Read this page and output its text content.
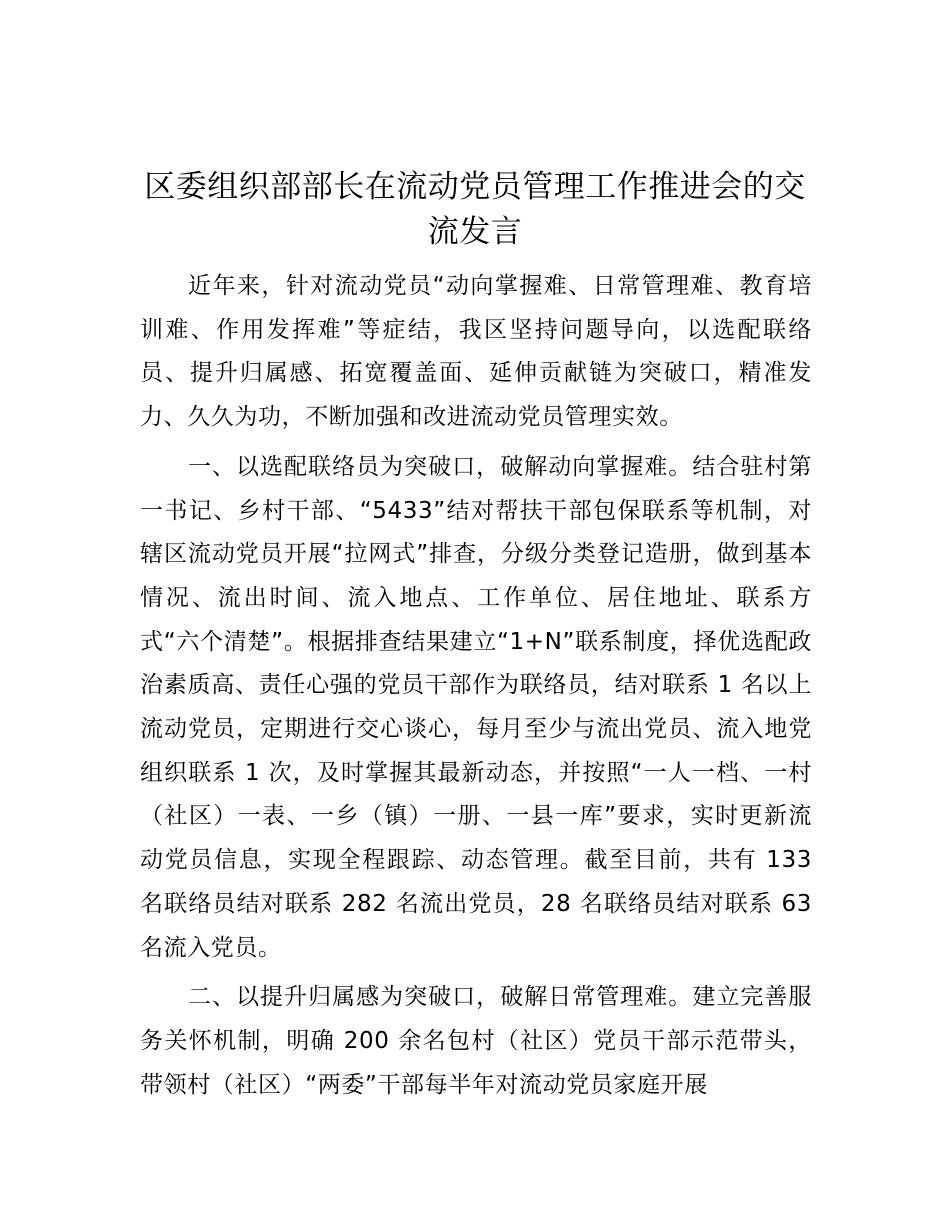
区委组织部部长在流动党员管理工作推进会的交流发言

近年来，针对流动党员“动向掌握难、日常管理难、教育培训难、作用发挥难”等症结，我区坚持问题导向，以选配联络员、提升归属感、拓宽覆盖面、延伸贡献链为突破口，精准发力、久久为功，不断加强和改进流动党员管理实效。

一、以选配联络员为突破口，破解动向掌握难。结合驻村第一书记、乡村干部、“5433”结对帮扶干部包保联系等机制，对辖区流动党员开展“拉网式”排查，分级分类登记造册，做到基本情况、流出时间、流入地点、工作单位、居住地址、联系方式“六个清楚”。根据排查结果建立“1+N”联系制度，择优选配政治素质高、责任心强的党员干部作为联络员，结对联系 1 名以上流动党员，定期进行交心谈心，每月至少与流出党员、流入地党组织联系 1 次，及时掌握其最新动态，并按照“一人一档、一村（社区）一表、一乡（镇）一册、一县一库”要求，实时更新流动党员信息，实现全程跟踪、动态管理。截至目前，共有 133 名联络员结对联系 282 名流出党员，28 名联络员结对联系 63 名流入党员。

二、以提升归属感为突破口，破解日常管理难。建立完善服务关怀机制，明确 200 余名包村（社区）党员干部示范带头，带领村（社区）“两委”干部每半年对流动党员家庭开展
